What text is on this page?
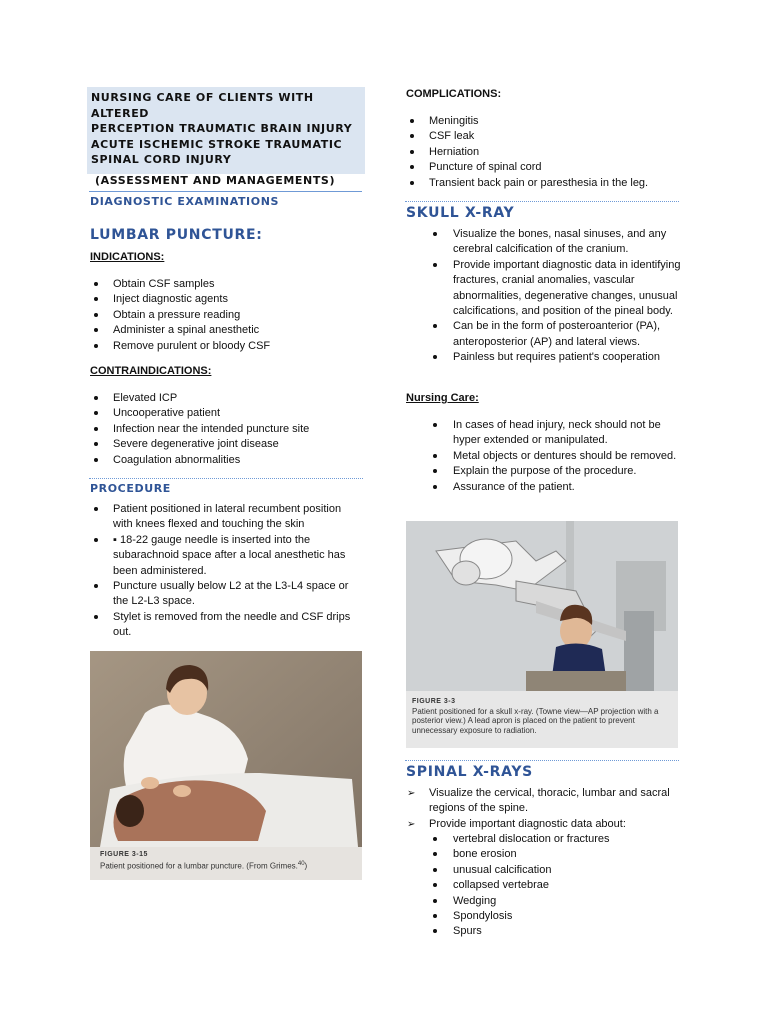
NURSING CARE OF CLIENTS WITH ALTERED

PERCEPTION TRAUMATIC BRAIN INJURY

ACUTE ISCHEMIC STROKE TRAUMATIC

SPINAL CORD INJURY

(ASSESSMENT AND MANAGEMENTS)

DIAGNOSTIC EXAMINATIONS
LUMBAR PUNCTURE:
INDICATIONS:
Obtain CSF samples
Inject diagnostic agents
Obtain a pressure reading
Administer a spinal anesthetic
Remove purulent or bloody CSF
CONTRAINDICATIONS:
Elevated ICP
Uncooperative patient
Infection near the intended puncture site
Severe degenerative joint disease
Coagulation abnormalities
PROCEDURE
Patient positioned in lateral recumbent position with knees flexed and touching the skin
▪ 18-22 gauge needle is inserted into the subarachnoid space after a local anesthetic has been administered.
Puncture usually below L2 at the L3-L4 space or the L2-L3 space.
Stylet is removed from the needle and CSF drips out.
FIGURE 3-15
Patient positioned for a lumbar puncture. (From Grimes.$^{40}$)
COMPLICATIONS:
Meningitis
CSF leak
Herniation
Puncture of spinal cord
Transient back pain or paresthesia in the leg.
SKULL X-RAY
Visualize the bones, nasal sinuses, and any cerebral calcification of the cranium.
Provide important diagnostic data in identifying fractures, cranial anomalies, vascular abnormalities, degenerative changes, unusual calcifications, and position of the pineal body.
Can be in the form of posteroanterior (PA), anteroposterior (AP) and lateral views.
Painless but requires patient's cooperation
Nursing Care:
In cases of head injury, neck should not be hyper extended or manipulated.
Metal objects or dentures should be removed.
Explain the purpose of the procedure.
Assurance of the patient.
FIGURE 3-3
Patient positioned for a skull x-ray. (Towne view—AP projection with a posterior view.) A lead apron is placed on the patient to prevent unnecessary exposure to radiation.
SPINAL X-RAYS
➢ Visualize the cervical, thoracic, lumbar and sacral regions of the spine.
➢ Provide important diagnostic data about:
vertebral dislocation or fractures
bone erosion
unusual calcification
collapsed vertebrae
Wedging
Spondylosis
Spurs
